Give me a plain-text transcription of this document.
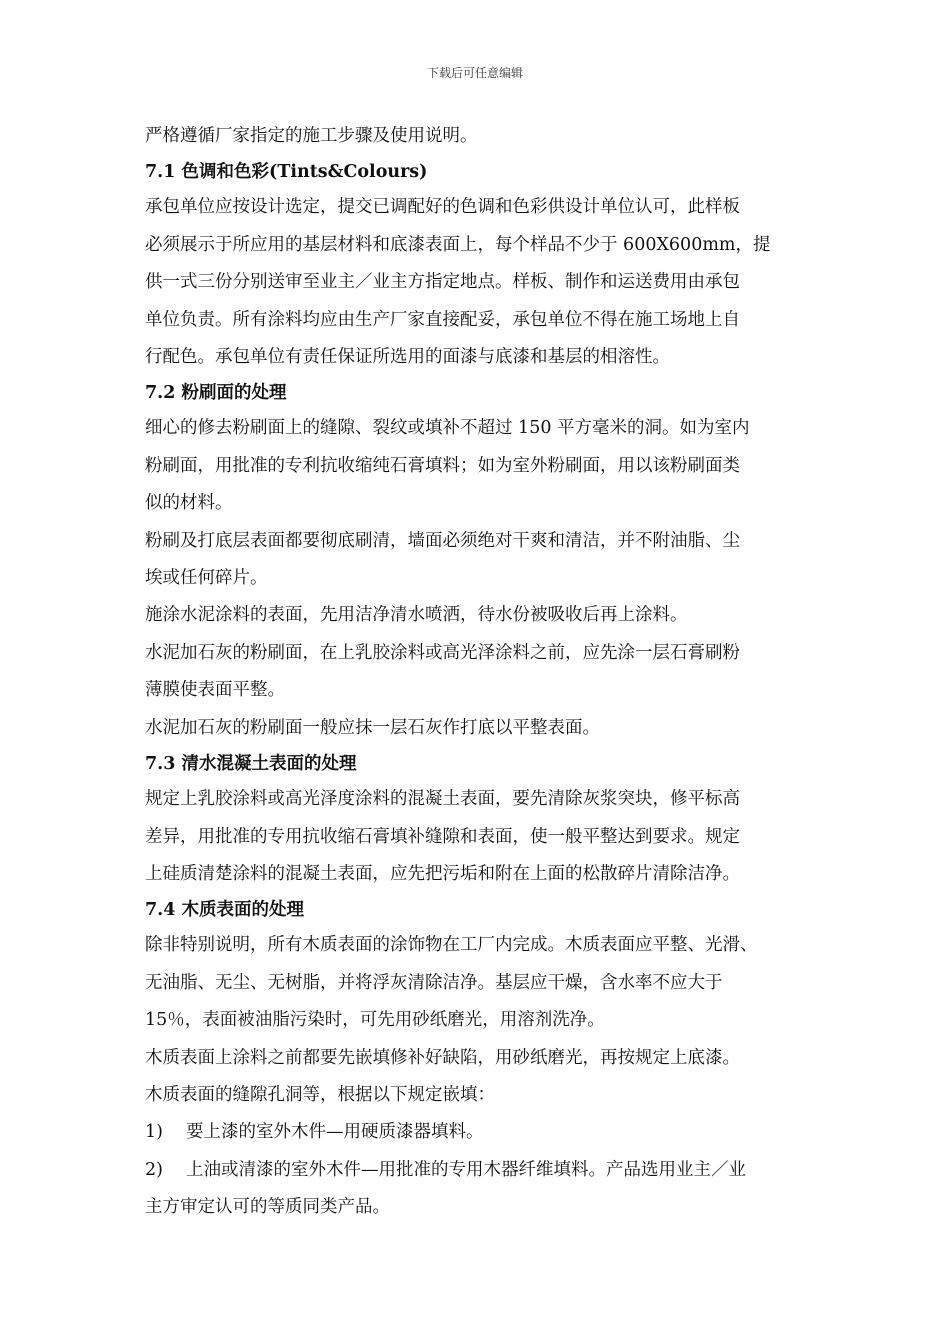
下载后可任意编辑
严格遵循厂家指定的施工步骤及使用说明。
7.1 色调和色彩(Tints&Colours)
承包单位应按设计选定，提交已调配好的色调和色彩供设计单位认可，此样板
必须展示于所应用的基层材料和底漆表面上，每个样品不少于 600X600mm，提
供一式三份分别送审至业主／业主方指定地点。样板、制作和运送费用由承包
单位负责。所有涂料均应由生产厂家直接配妥，承包单位不得在施工场地上自
行配色。承包单位有责任保证所选用的面漆与底漆和基层的相溶性。
7.2 粉刷面的处理
细心的修去粉刷面上的缝隙、裂纹或填补不超过 150 平方毫米的洞。如为室内
粉刷面，用批准的专利抗收缩纯石膏填料；如为室外粉刷面，用以该粉刷面类
似的材料。
粉刷及打底层表面都要彻底刷清，墙面必须绝对干爽和清洁，并不附油脂、尘
埃或任何碎片。
施涂水泥涂料的表面，先用洁净清水喷洒，待水份被吸收后再上涂料。
水泥加石灰的粉刷面，在上乳胶涂料或高光泽涂料之前，应先涂一层石膏刷粉
薄膜使表面平整。
水泥加石灰的粉刷面一般应抹一层石灰作打底以平整表面。
7.3 清水混凝土表面的处理
规定上乳胶涂料或高光泽度涂料的混凝土表面，要先清除灰浆突块，修平标高
差异，用批准的专用抗收缩石膏填补缝隙和表面，使一般平整达到要求。规定
上硅质清楚涂料的混凝土表面，应先把污垢和附在上面的松散碎片清除洁净。
7.4 木质表面的处理
除非特别说明，所有木质表面的涂饰物在工厂内完成。木质表面应平整、光滑、
无油脂、无尘、无树脂，并将浮灰清除洁净。基层应干燥，含水率不应大于
15％，表面被油脂污染时，可先用砂纸磨光，用溶剂洗净。
木质表面上涂料之前都要先嵌填修补好缺陷，用砂纸磨光，再按规定上底漆。
木质表面的缝隙孔洞等，根据以下规定嵌填：
1)　 要上漆的室外木件—用硬质漆器填料。
2)　 上油或清漆的室外木件—用批准的专用木器纤维填料。产品选用业主／业
主方审定认可的等质同类产品。
